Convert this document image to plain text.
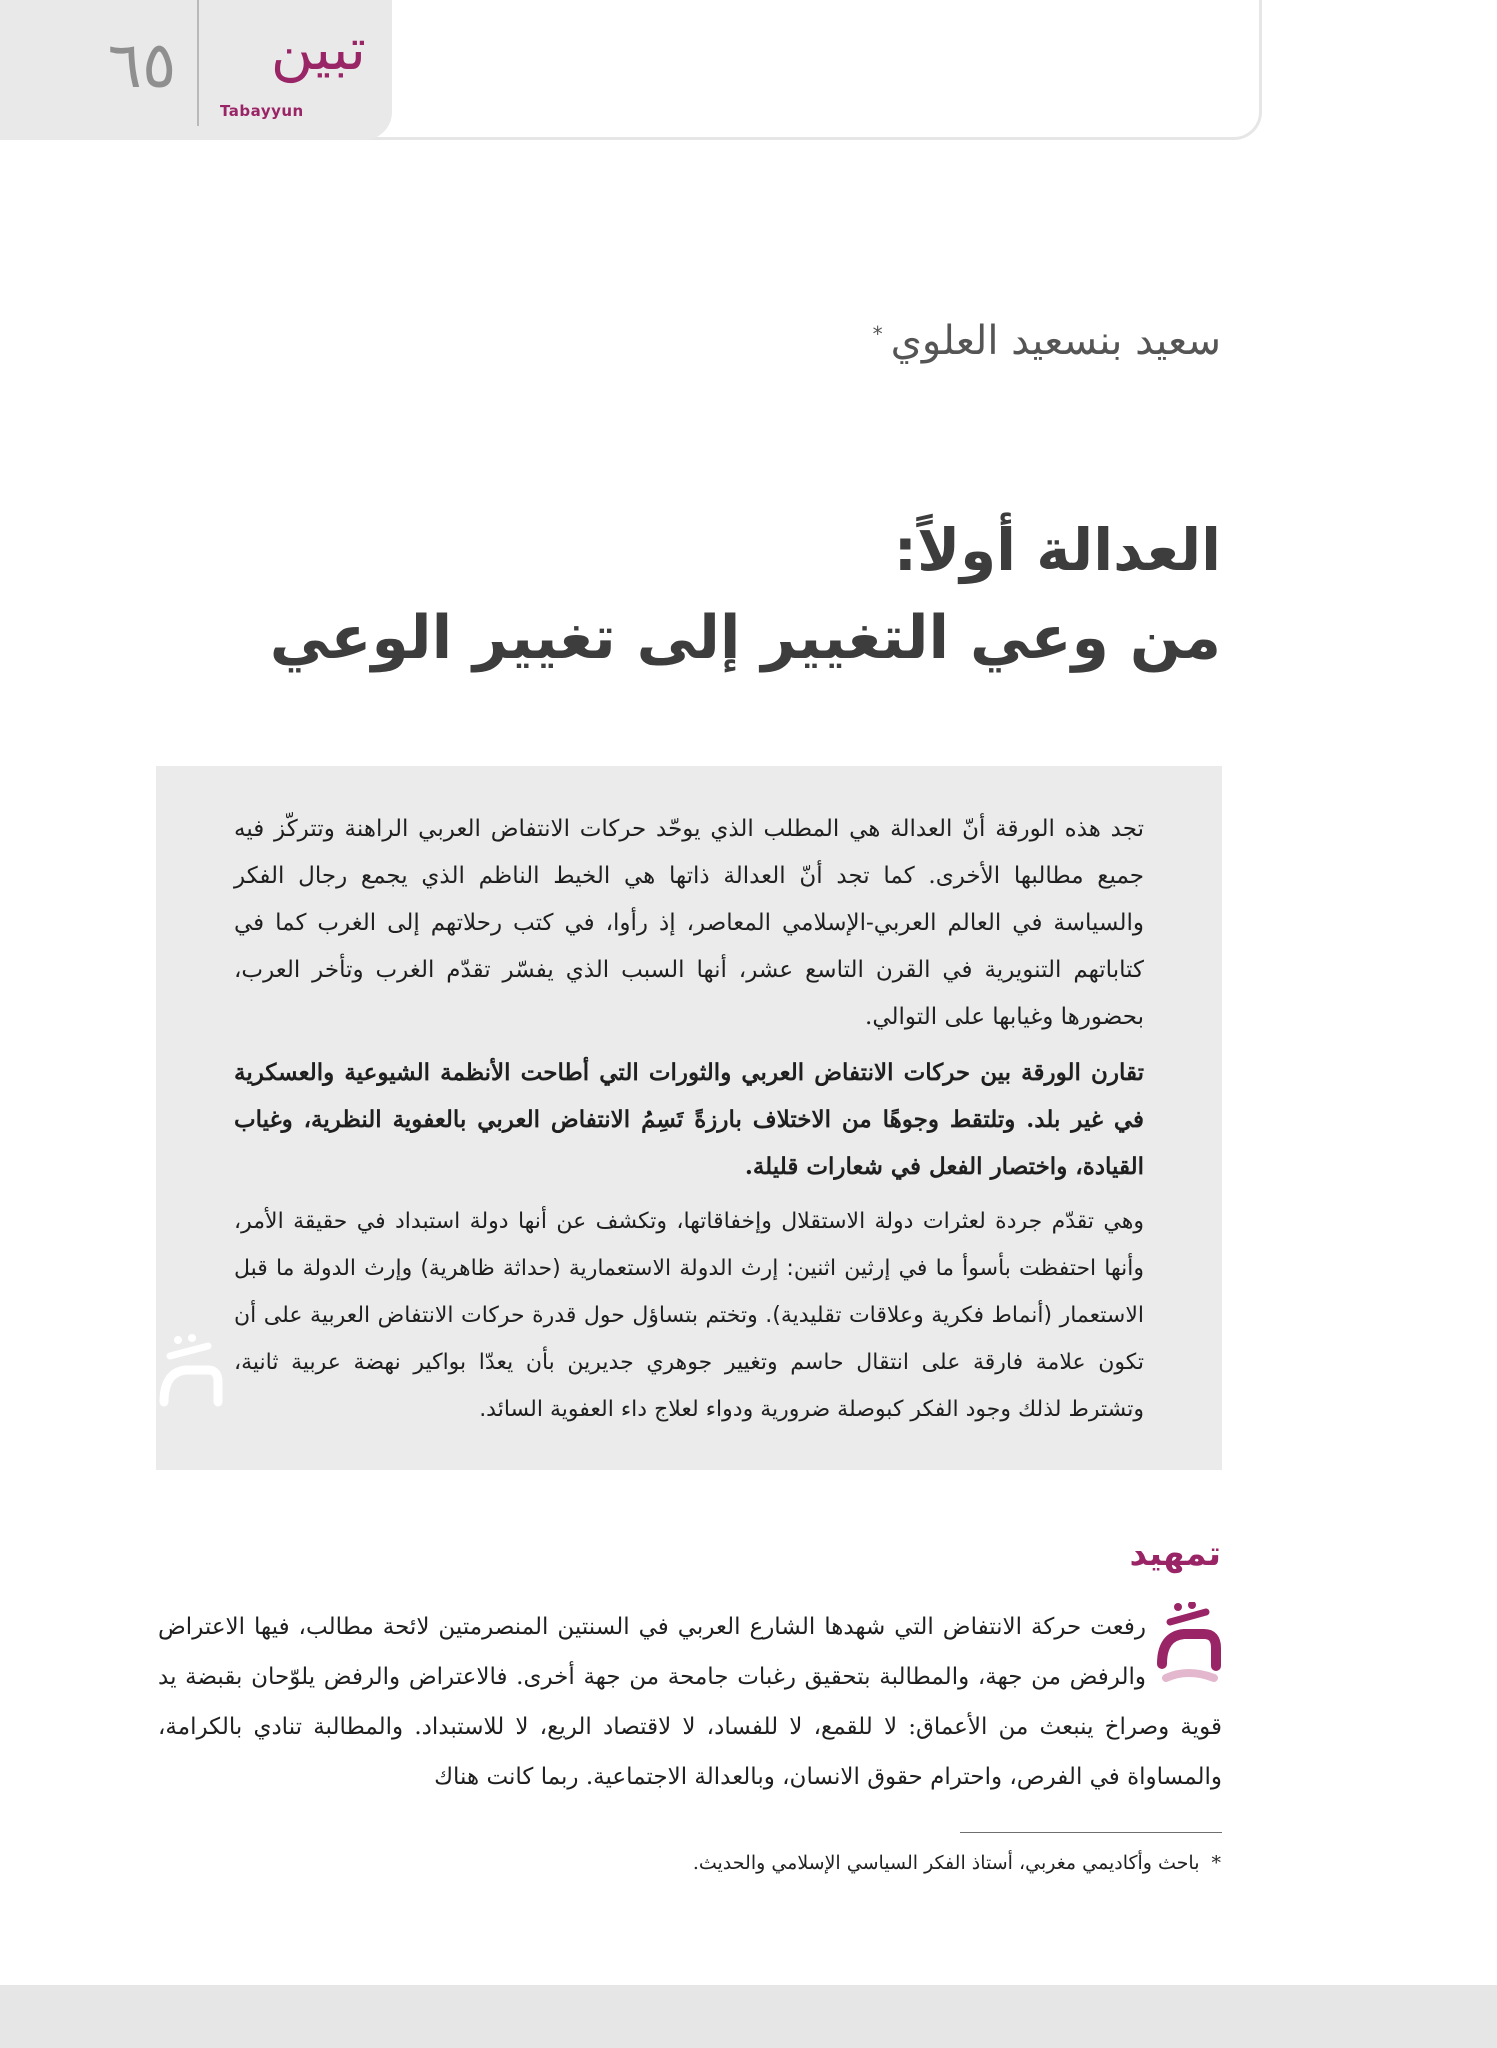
٦٥ تبين
Tabayyun
سعيد بنسعيد العلوي
*
العدالة أولاً:
من وعي التغيير إلى تغيير الوعي

تجد هذه الورقة أنّ العدالة هي المطلب الذي يوحّد حركات الانتفاض العربي الراهنة وتتركّز فيه جميع مطالبها الأخرى. كما تجد أنّ العدالة ذاتها هي الخيط الناظم الذي يجمع رجال الفكر والسياسة في العالم العربي-الإسلامي المعاصر، إذ رأوا، في كتب رحلاتهم إلى الغرب كما في كتاباتهم التنويرية في القرن التاسع عشر، أنها السبب الذي يفسّر تقدّم الغرب وتأخر العرب، بحضورها وغيابها على التوالي.

تقارن الورقة بين حركات الانتفاض العربي والثورات التي أطاحت الأنظمة الشيوعية والعسكرية في غير بلد. وتلتقط وجوهًا من الاختلاف بارزةً تَسِمُ الانتفاض العربي بالعفوية النظرية، وغياب القيادة، واختصار الفعل في شعارات قليلة.

وهي تقدّم جردة لعثرات دولة الاستقلال وإخفاقاتها، وتكشف عن أنها دولة استبداد في حقيقة الأمر، وأنها احتفظت بأسوأ ما في إرثين اثنين: إرث الدولة الاستعمارية (حداثة ظاهرية) وإرث الدولة ما قبل الاستعمار (أنماط فكرية وعلاقات تقليدية). وتختم بتساؤل حول قدرة حركات الانتفاض العربية على أن تكون علامة فارقة على انتقال حاسم وتغيير جوهري جديرين بأن يعدّا بواكير نهضة عربية ثانية، وتشترط لذلك وجود الفكر كبوصلة ضرورية ودواء لعلاج داء العفوية السائد.

تمهيد

رفعت حركة الانتفاض التي شهدها الشارع العربي في السنتين المنصرمتين لائحة مطالب، فيها الاعتراض والرفض من جهة، والمطالبة بتحقيق رغبات جامحة من جهة أخرى. فالاعتراض والرفض يلوّحان بقبضة يد قوية وصراخ ينبعث من الأعماق: لا للقمع، لا للفساد، لا لاقتصاد الريع، لا للاستبداد. والمطالبة تنادي بالكرامة، والمساواة في الفرص، واحترام حقوق الانسان، وبالعدالة الاجتماعية. ربما كانت هناك

*
باحث وأكاديمي مغربي، أستاذ الفكر السياسي الإسلامي والحديث.
